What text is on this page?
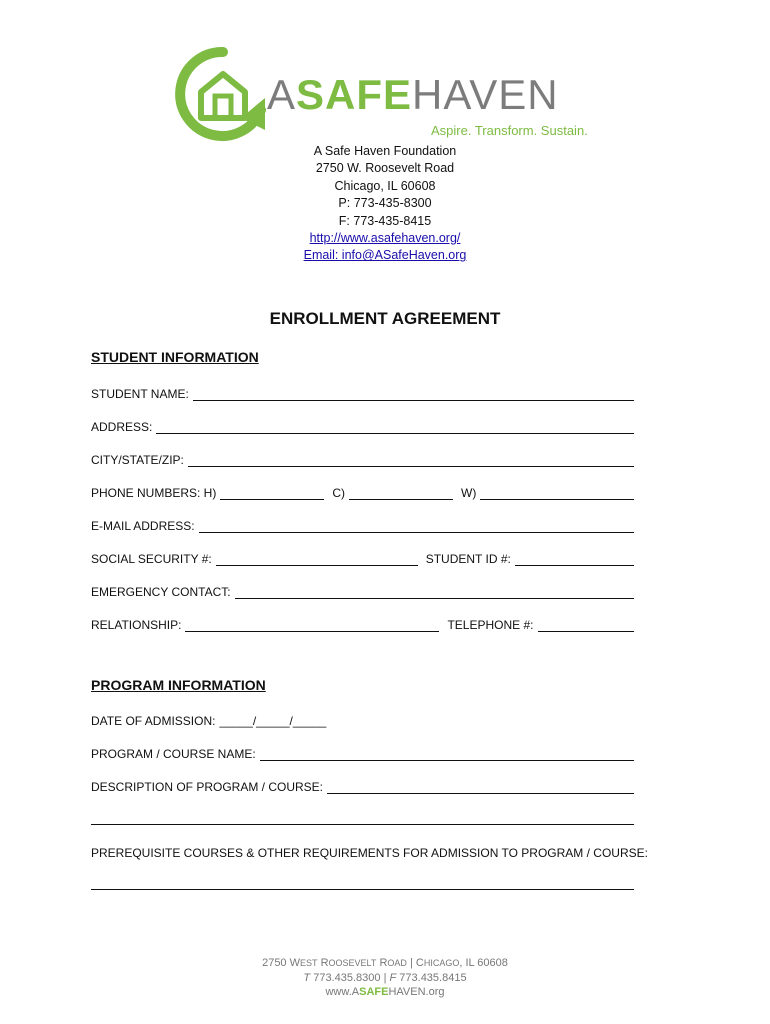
ASAFEHAVEN
Aspire. Transform. Sustain.
A Safe Haven Foundation
2750 W. Roosevelt Road
Chicago, IL 60608
P: 773-435-8300
F: 773-435-8415
http://www.asafehaven.org/
Email: info@ASafeHaven.org
ENROLLMENT AGREEMENT
STUDENT INFORMATION
STUDENT NAME:
ADDRESS:
CITY/STATE/ZIP:
PHONE NUMBERS: H)	C)	W)
E-MAIL ADDRESS:
SOCIAL SECURITY #:	STUDENT ID #:
EMERGENCY CONTACT:
RELATIONSHIP:	TELEPHONE #:
PROGRAM INFORMATION
DATE OF ADMISSION: _____/_____/_____
PROGRAM / COURSE NAME:
DESCRIPTION OF PROGRAM / COURSE:
PREREQUISITE COURSES & OTHER REQUIREMENTS FOR ADMISSION TO PROGRAM / COURSE:
2750 WEST ROOSEVELT ROAD | CHICAGO, IL 60608
T 773.435.8300 | F 773.435.8415
www.ASAFEHAVEN.org
